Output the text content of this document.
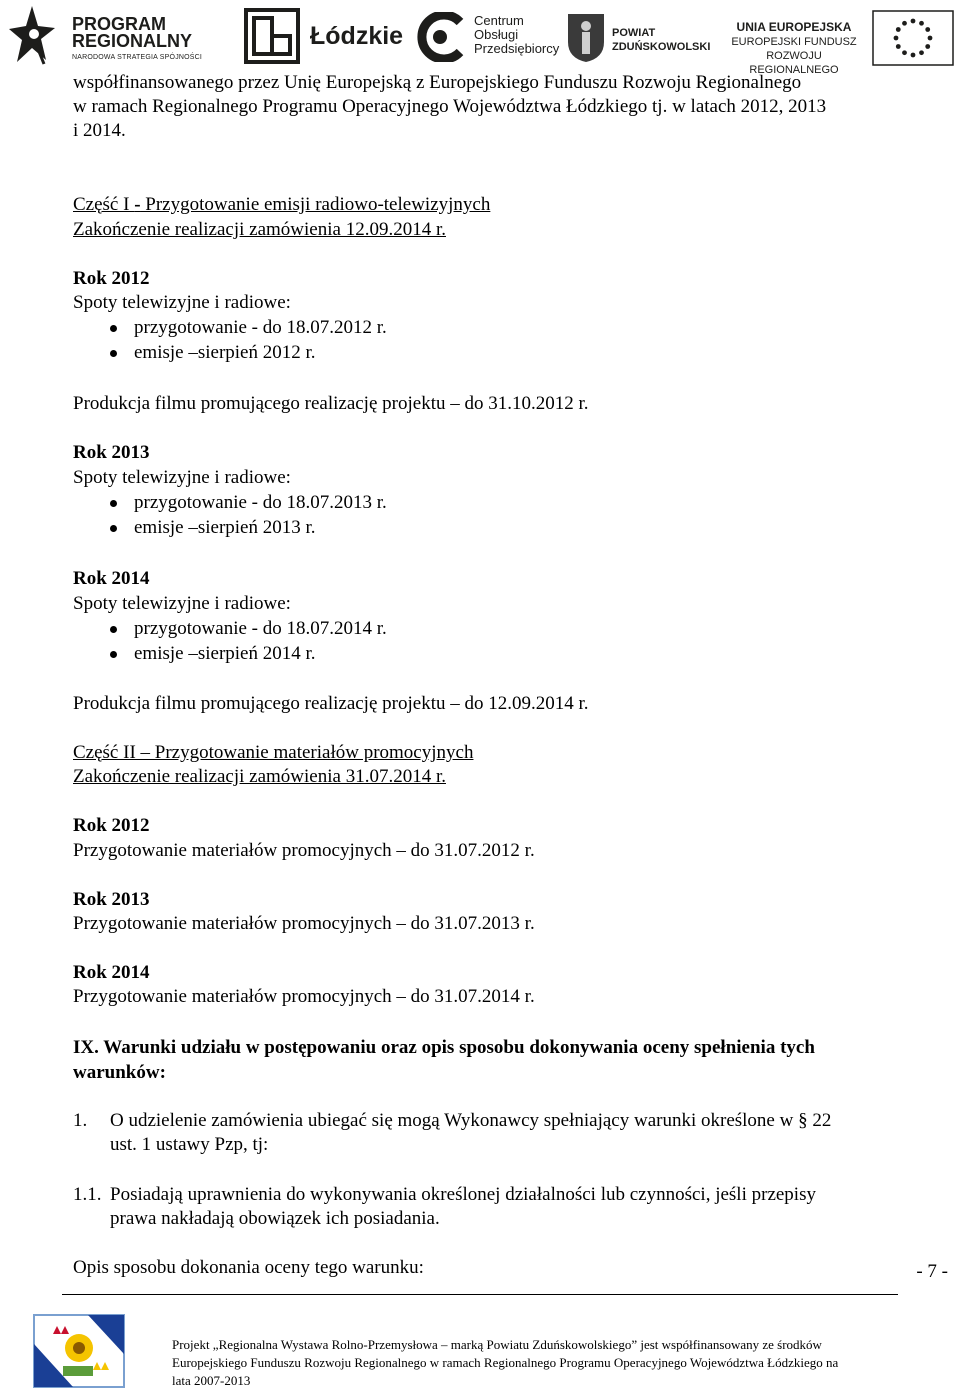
PROGRAM
REGIONALNY
NARODOWA STRATEGIA SPÓJNOŚCI
Łódzkie
Centrum
Obsługi
Przedsiębiorcy
POWIAT
ZDUŃSKOWOLSKI
UNIA EUROPEJSKA
EUROPEJSKI FUNDUSZ
ROZWOJU REGIONALNEGO
współfinansowanego przez Unię Europejską z Europejskiego Funduszu Rozwoju Regionalnego
w ramach Regionalnego Programu Operacyjnego Województwa Łódzkiego tj. w latach 2012, 2013
i 2014.
Część I - Przygotowanie emisji radiowo-telewizyjnych
Zakończenie realizacji zamówienia 12.09.2014 r.
Rok 2012
Spoty telewizyjne i radiowe:
przygotowanie - do 18.07.2012 r.
emisje –sierpień 2012 r.
Produkcja filmu promującego realizację projektu – do 31.10.2012 r.
Rok 2013
Spoty telewizyjne i radiowe:
przygotowanie - do 18.07.2013 r.
emisje –sierpień 2013 r.
Rok 2014
Spoty telewizyjne i radiowe:
przygotowanie - do 18.07.2014 r.
emisje –sierpień 2014 r.
Produkcja filmu promującego realizację projektu – do 12.09.2014 r.
Część II – Przygotowanie materiałów promocyjnych
Zakończenie realizacji zamówienia 31.07.2014 r.
Rok 2012
Przygotowanie materiałów promocyjnych – do 31.07.2012 r.
Rok 2013
Przygotowanie materiałów promocyjnych – do 31.07.2013 r.
Rok 2014
Przygotowanie materiałów promocyjnych – do 31.07.2014 r.
IX. Warunki udziału w postępowaniu oraz opis sposobu dokonywania oceny spełnienia tych
warunków:
1. O udzielenie zamówienia ubiegać się mogą Wykonawcy spełniający warunki określone w § 22
ust. 1 ustawy Pzp, tj:
1.1. Posiadają uprawnienia do wykonywania określonej działalności lub czynności, jeśli przepisy
prawa nakładają obowiązek ich posiadania.
Opis sposobu dokonania oceny tego warunku:	- 7 -
Projekt „Regionalna Wystawa Rolno-Przemysłowa – marką Powiatu Zduńskowolskiego” jest współfinansowany ze środków
Europejskiego Funduszu Rozwoju Regionalnego w ramach Regionalnego Programu Operacyjnego Województwa Łódzkiego na
lata 2007-2013
